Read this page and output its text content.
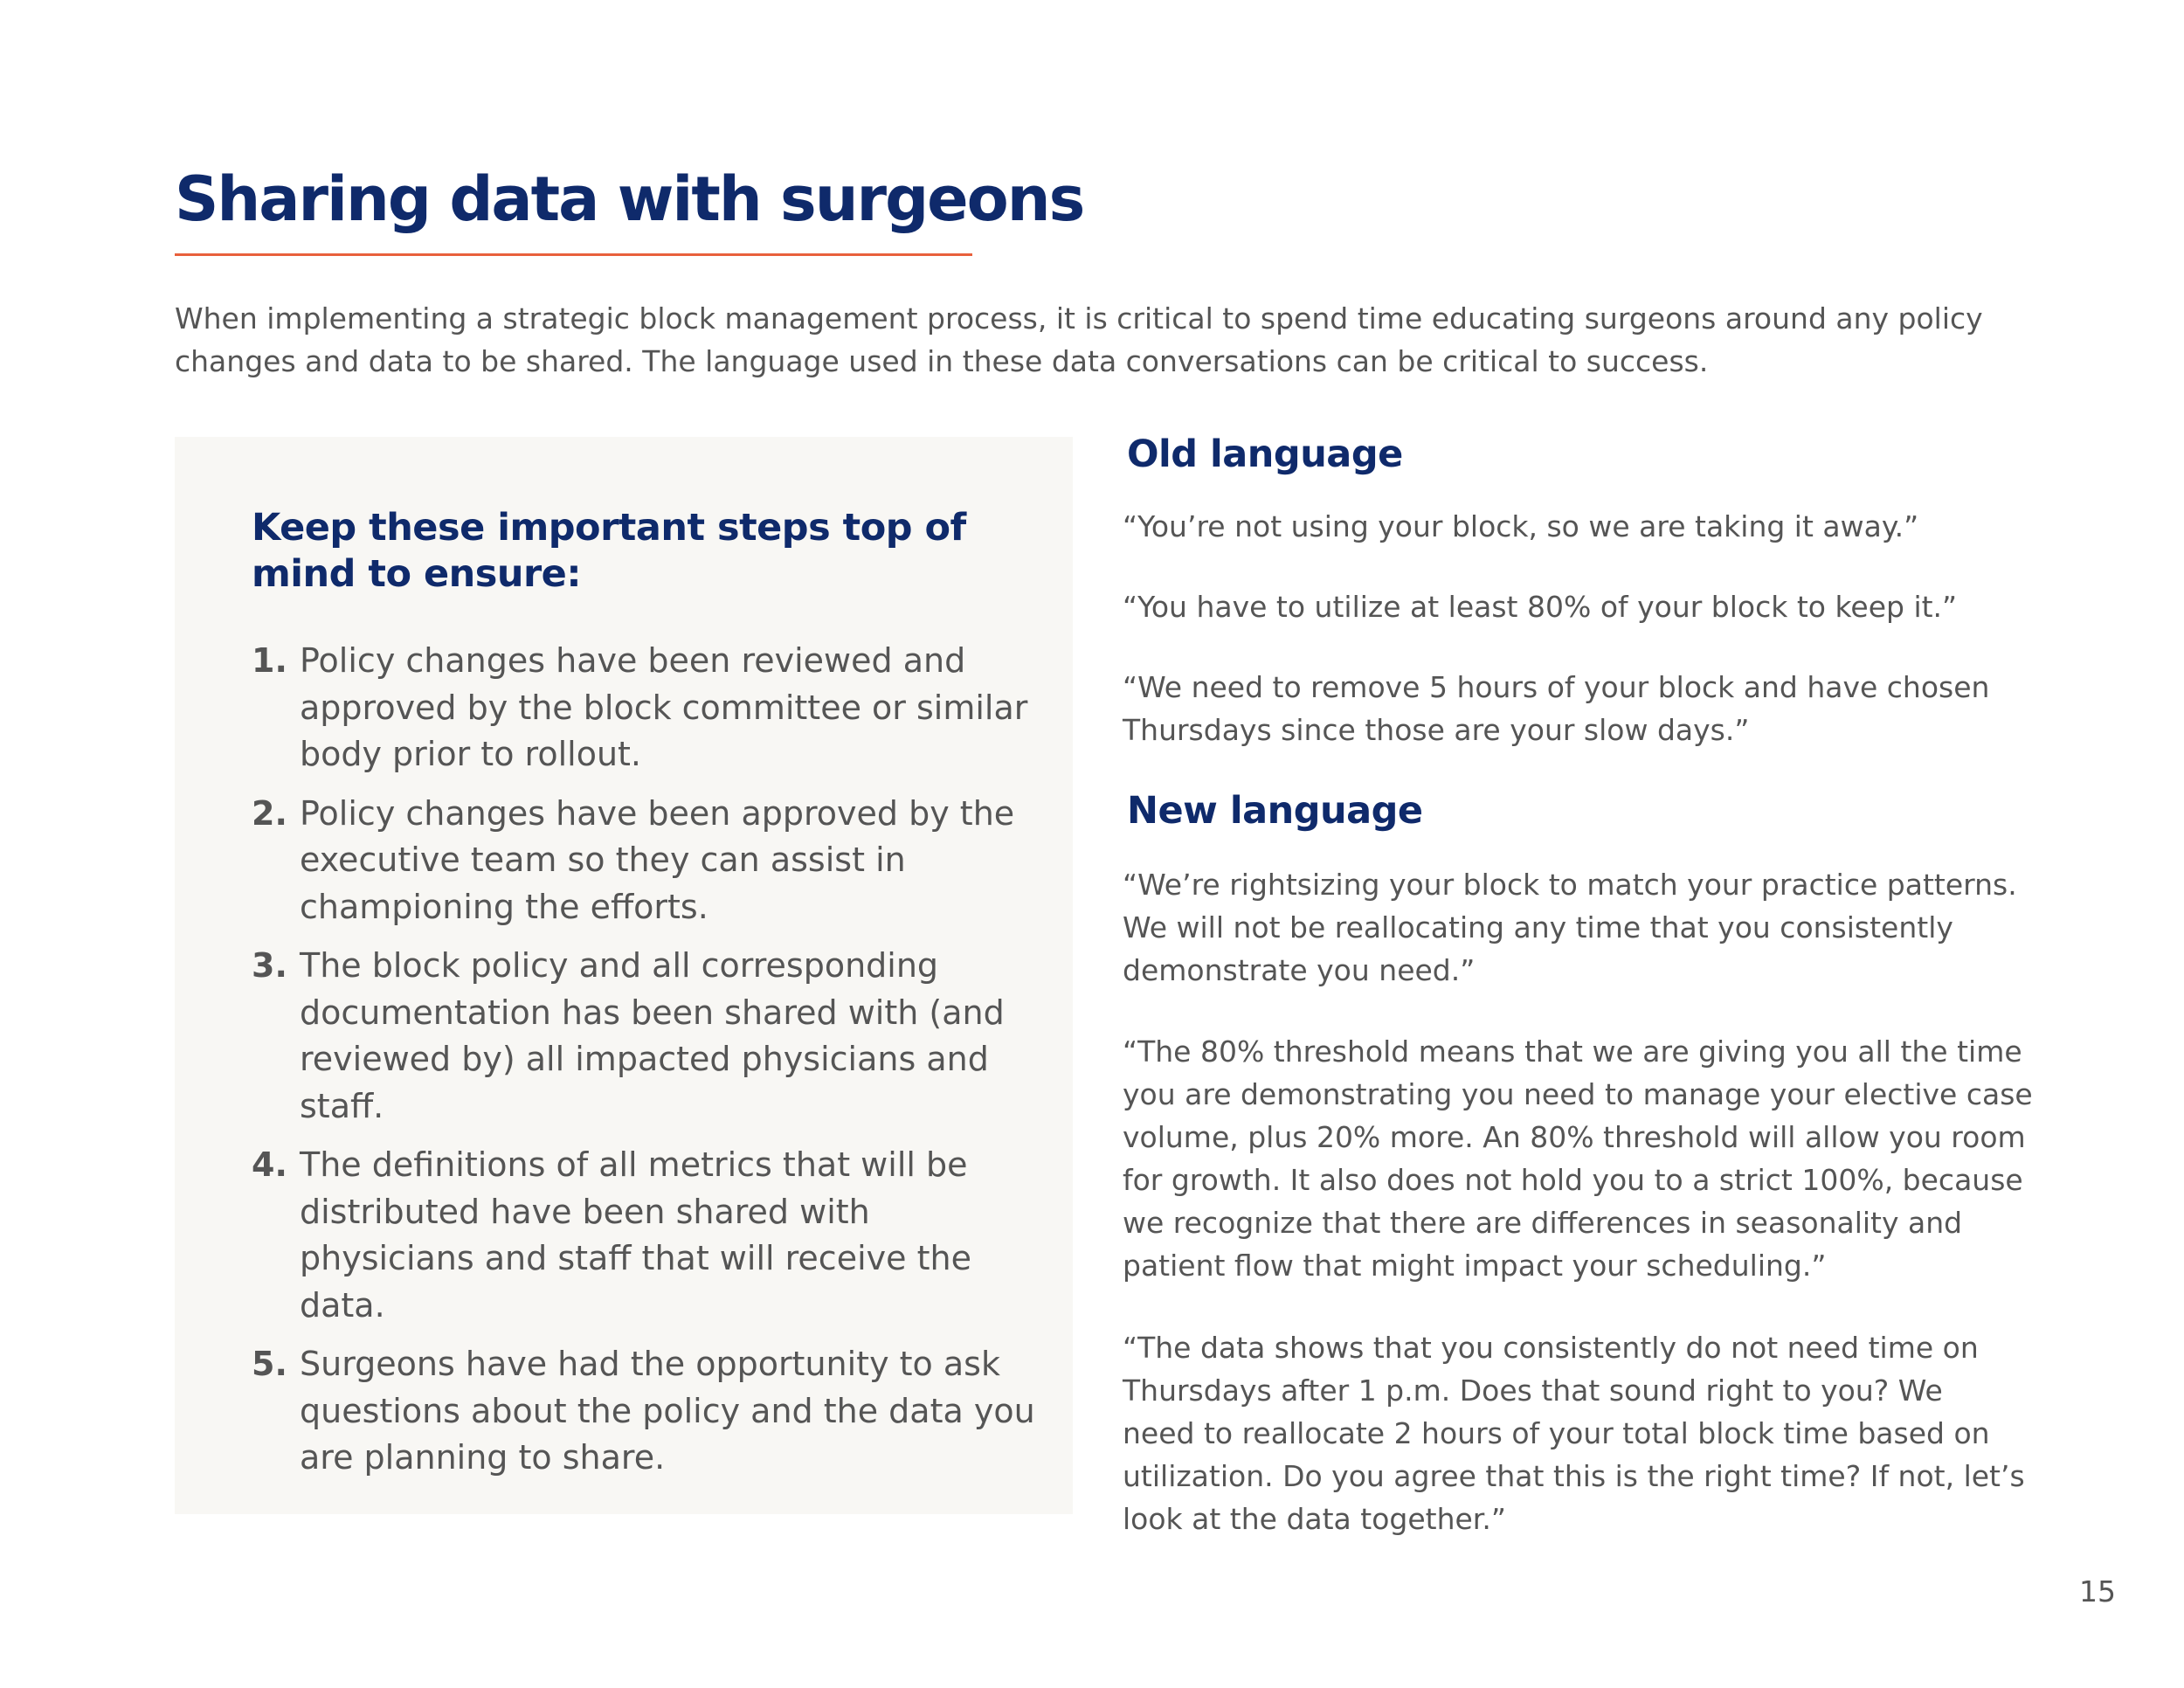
Sharing data with surgeons

When implementing a strategic block management process, it is critical to spend time educating surgeons around any policy changes and data to be shared. The language used in these data conversations can be critical to success.

Keep these important steps top of mind to ensure:
1. Policy changes have been reviewed and approved by the block committee or similar body prior to rollout.
2. Policy changes have been approved by the executive team so they can assist in championing the efforts.
3. The block policy and all corresponding documentation has been shared with (and reviewed by) all impacted physicians and staff.
4. The definitions of all metrics that will be distributed have been shared with physicians and staff that will receive the data.
5. Surgeons have had the opportunity to ask questions about the policy and the data you are planning to share.
Old language

“You’re not using your block, so we are taking it away.”

“You have to utilize at least 80% of your block to keep it.”

“We need to remove 5 hours of your block and have chosen
Thursdays since those are your slow days.”

New language

“We’re rightsizing your block to match your practice patterns.
We will not be reallocating any time that you consistently
demonstrate you need.”

“The 80% threshold means that we are giving you all the time
you are demonstrating you need to manage your elective case
volume, plus 20% more. An 80% threshold will allow you room
for growth. It also does not hold you to a strict 100%, because
we recognize that there are differences in seasonality and
patient flow that might impact your scheduling.”

“The data shows that you consistently do not need time on
Thursdays after 1 p.m. Does that sound right to you? We
need to reallocate 2 hours of your total block time based on
utilization. Do you agree that this is the right time? If not, let’s
look at the data together.”

15
